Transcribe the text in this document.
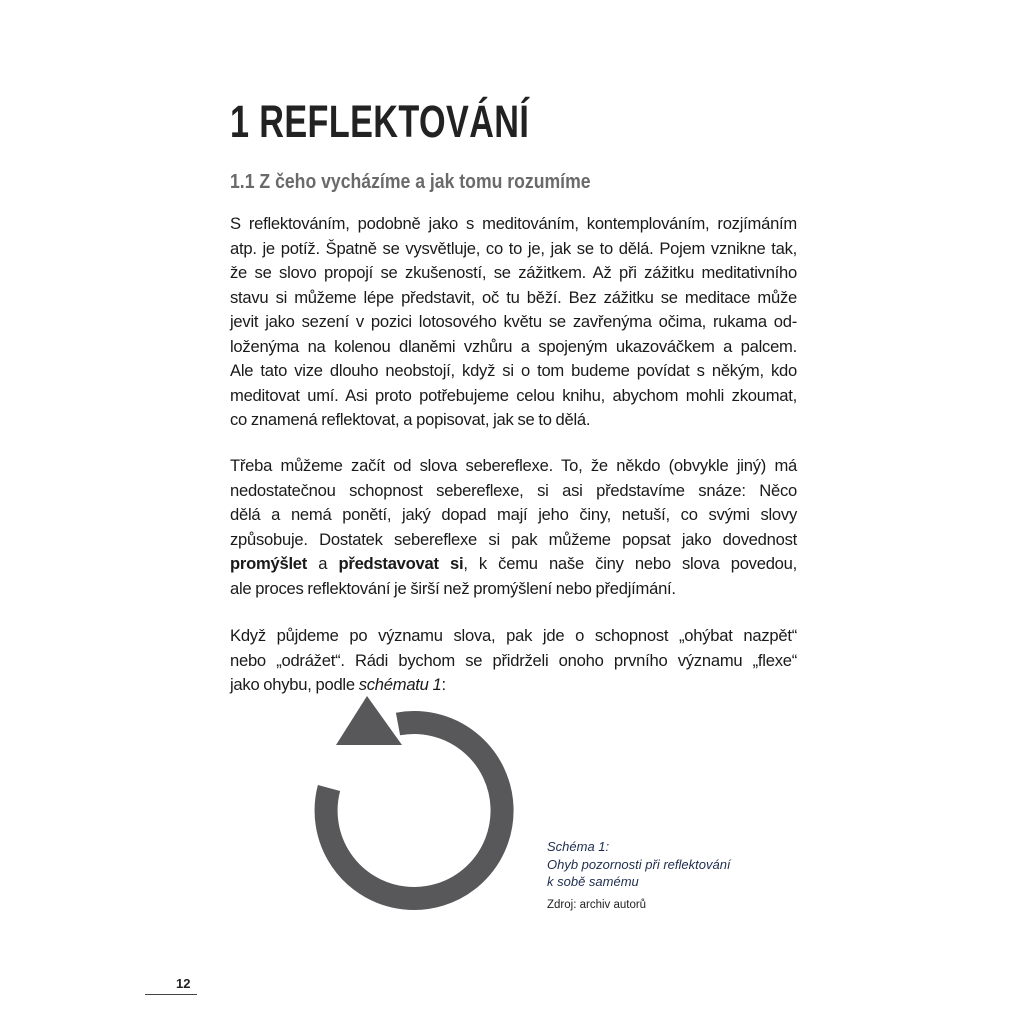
1 REFLEKTOVÁNÍ
1.1 Z čeho vycházíme a jak tomu rozumíme
S reflektováním, podobně jako s meditováním, kontemplováním, rozjímáním
atp. je potíž. Špatně se vysvětluje, co to je, jak se to dělá. Pojem vznikne tak,
že se slovo propojí se zkušeností, se zážitkem. Až při zážitku meditativního
stavu si můžeme lépe představit, oč tu běží. Bez zážitku se meditace může
jevit jako sezení v pozici lotosového květu se zavřenýma očima, rukama od-
loženýma na kolenou dlaněmi vzhůru a spojeným ukazováčkem a palcem.
Ale tato vize dlouho neobstojí, když si o tom budeme povídat s někým, kdo
meditovat umí. Asi proto potřebujeme celou knihu, abychom mohli zkoumat,
co znamená reflektovat, a popisovat, jak se to dělá.
Třeba můžeme začít od slova sebereflexe. To, že někdo (obvykle jiný) má
nedostatečnou schopnost sebereflexe, si asi představíme snáze: Něco
dělá a nemá ponětí, jaký dopad mají jeho činy, netuší, co svými slovy
způsobuje. Dostatek sebereflexe si pak můžeme popsat jako dovednost
promýšlet a představovat si, k čemu naše činy nebo slova povedou,
ale proces reflektování je širší než promýšlení nebo předjímání.
Když půjdeme po významu slova, pak jde o schopnost „ohýbat nazpět“
nebo „odrážet“. Rádi bychom se přidrželi onoho prvního významu „flexe“
jako ohybu, podle schématu 1:
Schéma 1:
Ohyb pozornosti při reflektování
k sobě samému
Zdroj: archiv autorů
12
